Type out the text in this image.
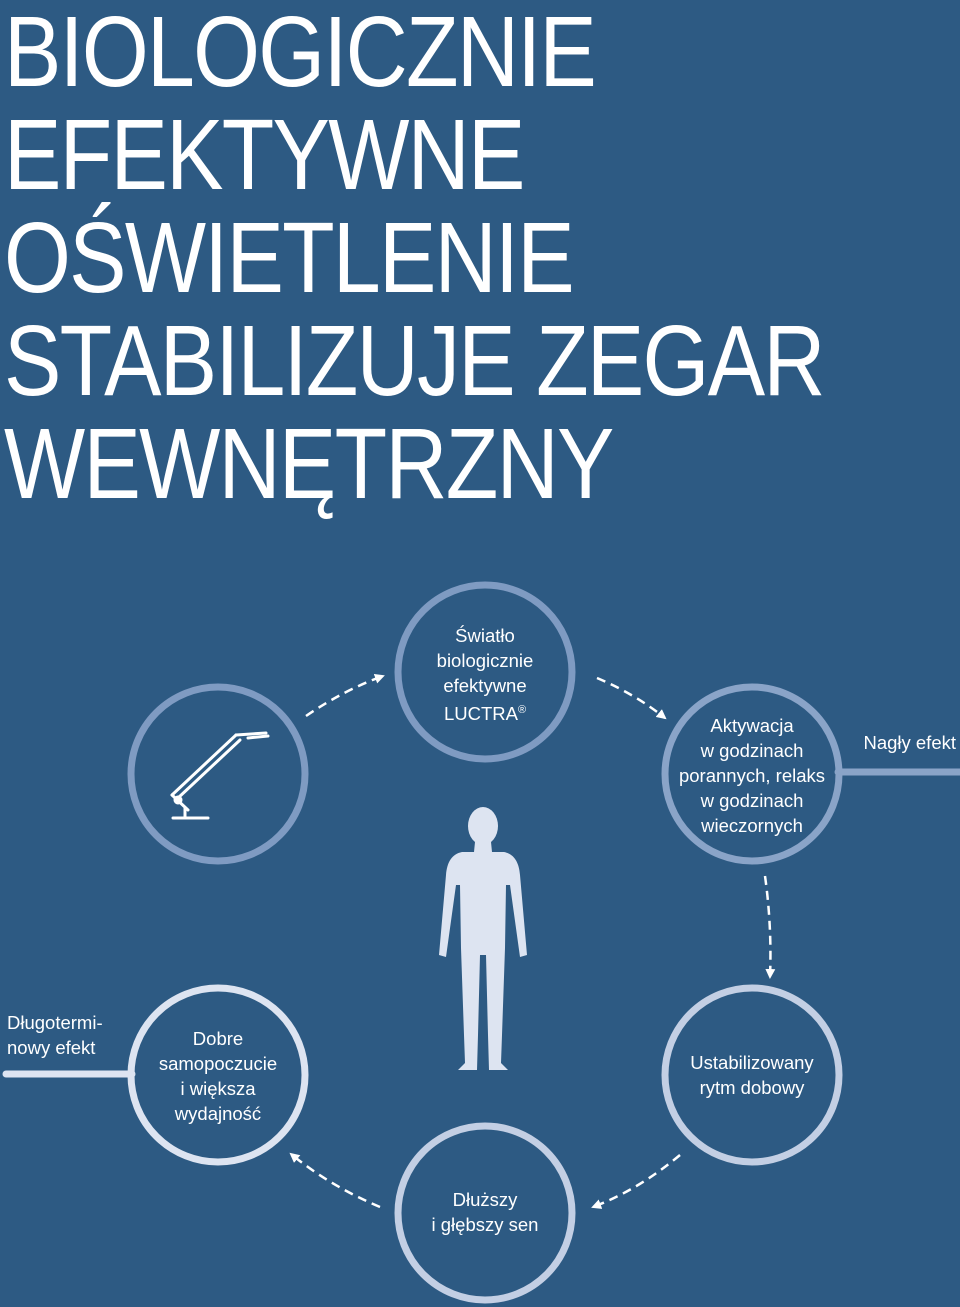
BIOLOGICZNIE
EFEKTYWNE
OŚWIETLENIE
STABILIZUJE ZEGAR
WEWNĘTRZNY
Światło
biologicznie
efektywne
LUCTRA®
Aktywacja
w godzinach
porannych, relaks
w godzinach
wieczornych
Ustabilizowany
rytm dobowy
Dłuższy
i głębszy sen
Dobre
samopoczucie
i większa
wydajność
Nagły efekt
Długotermi-
nowy efekt
